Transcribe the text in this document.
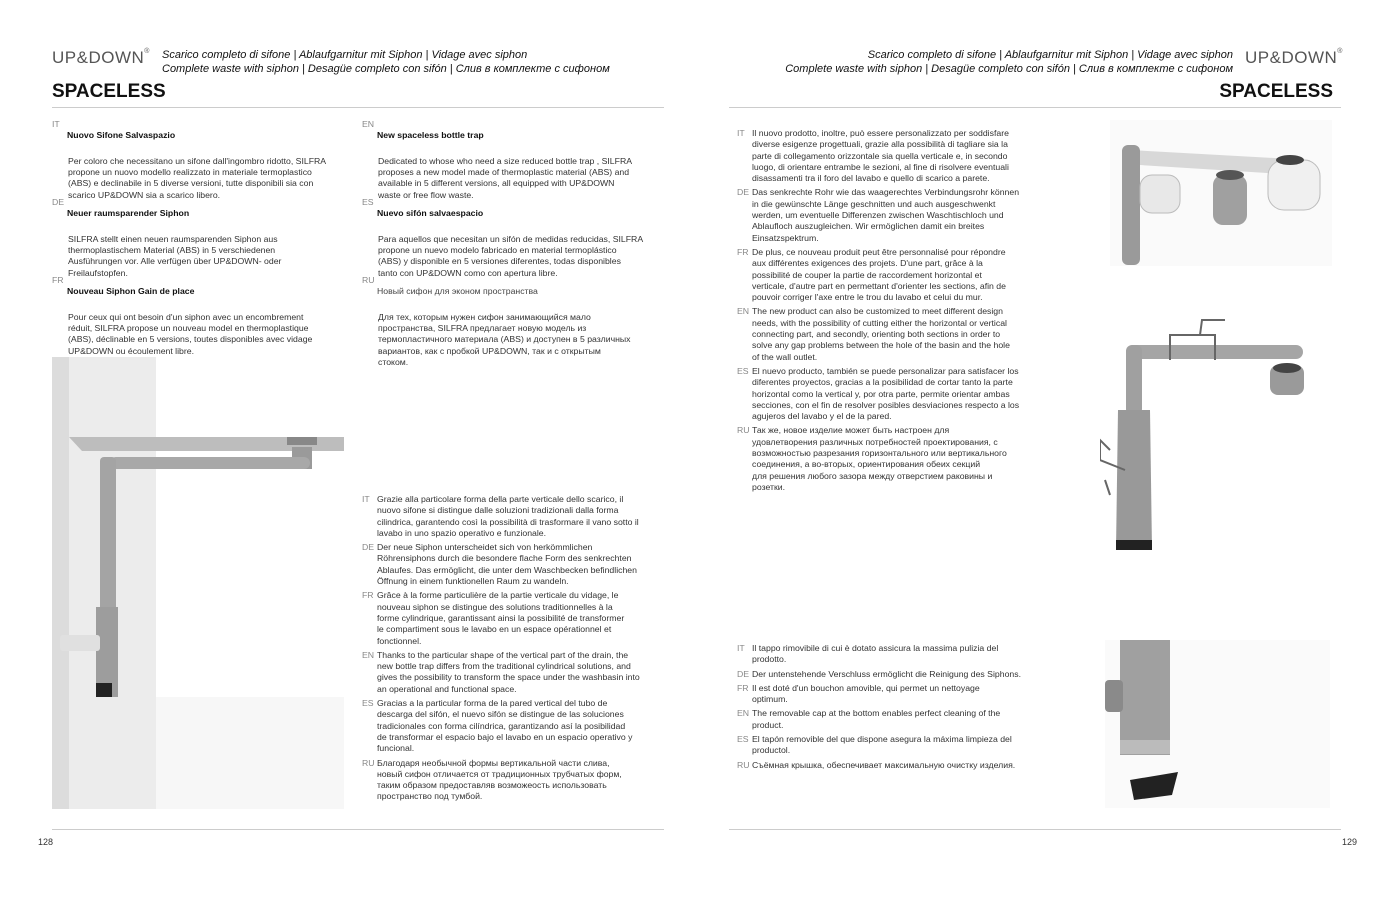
UP&DOWN® Scarico completo di sifone | Ablaufgarnitur mit Siphon | Vidage avec siphon
Complete waste with siphon | Desagüe completo con sifón | Слив в комплекте с сифоном
SPACELESS
Scarico completo di sifone | Ablaufgarnitur mit Siphon | Vidage avec siphon
Complete waste with siphon | Desagüe completo con sifón | Слив в комплекте с сифоном
UP&DOWN®
SPACELESS
IT

Nuovo Sifone Salvaspazio

Per coloro che necessitano un sifone dall'ingombro ridotto, SILFRA
propone un nuovo modello realizzato in materiale termoplastico
(ABS) e declinabile in 5 diverse versioni, tutte disponibili sia con
scarico UP&DOWN sia a scarico libero.
DE

Neuer raumsparender Siphon

SILFRA stellt einen neuen raumsparenden Siphon aus
thermoplastischem Material (ABS) in 5 verschiedenen
Ausführungen vor. Alle verfügen über UP&DOWN- oder
Freilaufstopfen.
FR

Nouveau Siphon Gain de place

Pour ceux qui ont besoin d'un siphon avec un encombrement
réduit, SILFRA propose un nouveau model en thermoplastique
(ABS), déclinable en 5 versions, toutes disponibles avec vidage
UP&DOWN ou écoulement libre.
EN

New spaceless bottle trap

Dedicated to whose who need a size reduced bottle trap , SILFRA
proposes a new model made of thermoplastic material (ABS) and
available in 5 different versions, all equipped with UP&DOWN
waste or free flow waste.
ES

Nuevo sifón salvaespacio

Para aquellos que necesitan un sifón de medidas reducidas, SILFRA
propone un nuevo modelo fabricado en material termoplástico
(ABS) y disponible en 5 versiones diferentes, todas disponibles
tanto con UP&DOWN como con apertura libre.
RU

Новый сифон для эконом пространства

Для тех, которым нужен сифон занимающийся мало
пространства, SILFRA предлагает новую модель из
термопластичного материала (ABS) и доступен в 5 различных
вариантов, как с пробкой UP&DOWN, так и с открытым
стоком.
IT Grazie alla particolare forma della parte verticale dello scarico, il
nuovo sifone si distingue dalle soluzioni tradizionali dalla forma
cilindrica, garantendo così la possibilità di trasformare il vano sotto il
lavabo in uno spazio operativo e funzionale.
DE Der neue Siphon unterscheidet sich von herkömmlichen
Röhrensiphons durch die besondere flache Form des senkrechten
Ablaufes. Das ermöglicht, die unter dem Waschbecken befindlichen
Öffnung in einem funktionellen Raum zu wandeln.
FR Grâce à la forme particulière de la partie verticale du vidage, le
nouveau siphon se distingue des solutions traditionnelles à la
forme cylindrique, garantissant ainsi la possibilité de transformer
le compartiment sous le lavabo en un espace opérationnel et
fonctionnel.
EN Thanks to the particular shape of the vertical part of the drain, the
new bottle trap differs from the traditional cylindrical solutions, and
gives the possibility to transform the space under the washbasin into
an operational and functional space.
ES Gracias a la particular forma de la pared vertical del tubo de
descarga del sifón, el nuevo sifón se distingue de las soluciones
tradicionales con forma cilíndrica, garantizando así la posibilidad
de transformar el espacio bajo el lavabo en un espacio operativo y
funcional.
RU Благодаря необычной формы вертикальной части слива,
новый сифон отличается от традиционных трубчатых форм,
таким образом предоставляв возможеость использовать
пространство под тумбой.
IT Il nuovo prodotto, inoltre, può essere personalizzato per soddisfare
diverse esigenze progettuali, grazie alla possibilità di tagliare sia la
parte di collegamento orizzontale sia quella verticale e, in secondo
luogo, di orientare entrambe le sezioni, al fine di risolvere eventuali
disassamenti tra il foro del lavabo e quello di scarico a parete.
DE Das senkrechte Rohr wie das waagerechtes Verbindungsrohr können
in die gewünschte Länge geschnitten und auch ausgeschwenkt
werden, um eventuelle Differenzen zwischen Waschtischloch und
Ablaufloch auszugleichen. Wir ermöglichen damit ein breites
Einsatzspektrum.
FR De plus, ce nouveau produit peut être personnalisé pour répondre
aux différentes exigences des projets. D'une part, grâce à la
possibilité de couper la partie de raccordement horizontal et
verticale, d'autre part en permettant d'orienter les sections, afin de
pouvoir corriger l'axe entre le trou du lavabo et celui du mur.
EN The new product can also be customized to meet different design
needs, with the possibility of cutting either the horizontal or vertical
connecting part, and secondly, orienting both sections in order to
solve any gap problems between the hole of the basin and the hole
of the wall outlet.
ES El nuevo producto, también se puede personalizar para satisfacer los
diferentes proyectos, gracias a la posibilidad de cortar tanto la parte
horizontal como la vertical y, por otra parte, permite orientar ambas
secciones, con el fin de resolver posibles desviaciones respecto a los
agujeros del lavabo y el de la pared.
RU Так же, новое изделие может быть настроен для
удовлетворения различных потребностей проектирования, с
возможностью разрезания горизонтального или вертикального
соединения, а во-вторых, ориентирования обеих секций
для решения любого зазора между отверстием раковины и
розетки.
IT Il tappo rimovibile di cui è dotato assicura la massima pulizia del
prodotto.
DE Der untenstehende Verschluss ermöglicht die Reinigung des Siphons.
FR Il est doté d'un bouchon amovible, qui permet un nettoyage
optimum.
EN The removable cap at the bottom enables perfect cleaning of the
product.
ES El tapón removible del que dispone asegura la máxima limpieza del
productol.
RU Съёмная крышка, обеспечивает максимальную очистку изделия.
128	129
